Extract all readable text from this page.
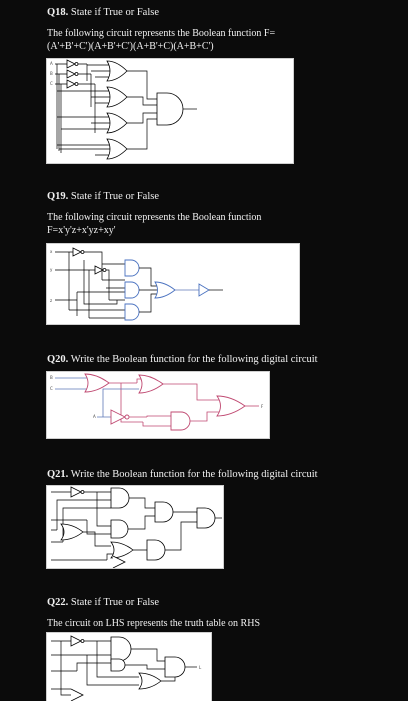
Q18. State if True or False

The following circuit represents the Boolean function F=

(A'+B'+C')(A+B'+C')(A+B'+C)(A+B+C')

A
B
C

Q19. State if True or False

The following circuit represents the Boolean function

F=x'y'z+x'yz+xy'

x
y
z

Q20. Write the Boolean function for the following digital circuit

B
C
A
F

Q21. Write the Boolean function for the following digital circuit

Q22. State if True or False

The circuit on LHS represents the truth table on RHS

L
